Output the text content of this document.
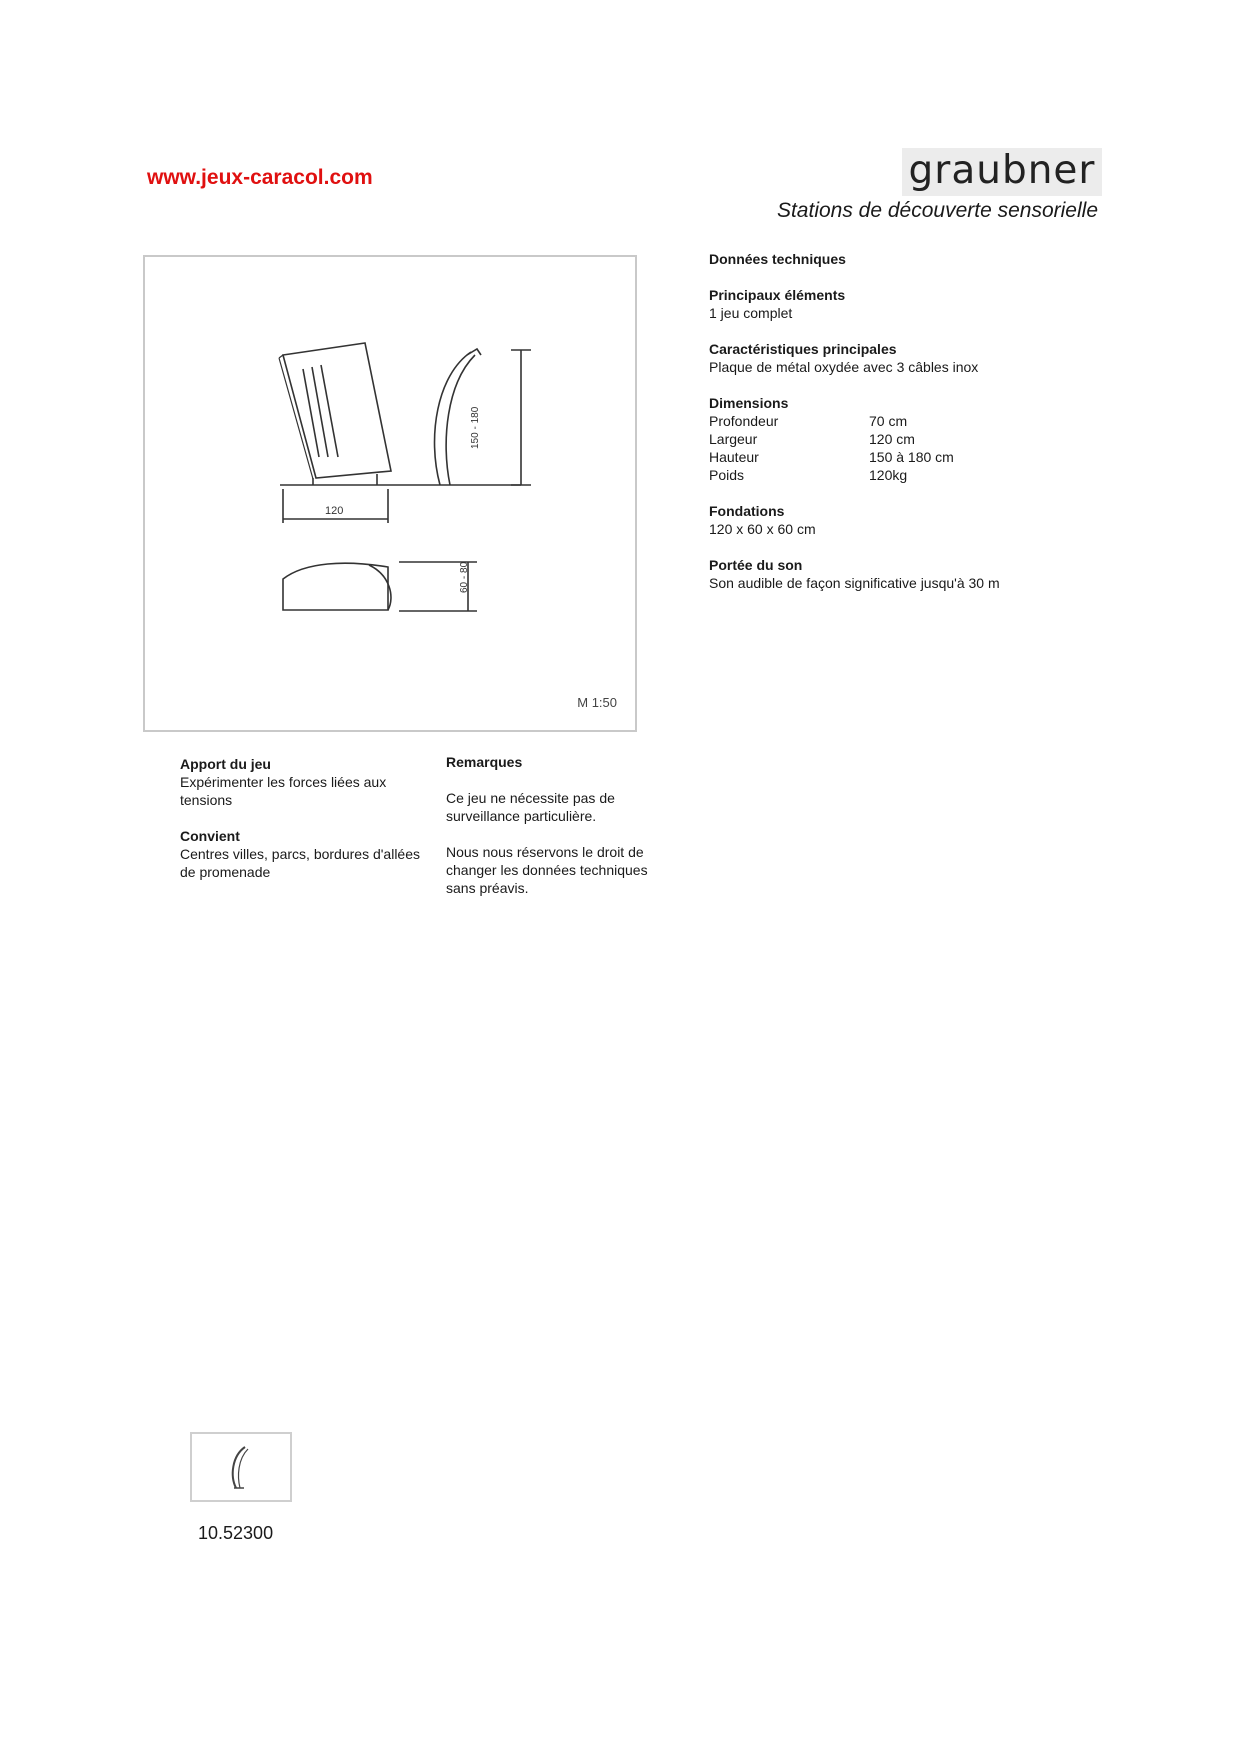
www.jeux-caracol.com	graubner
Stations de découverte sensorielle
150 - 180
120
60 - 80
M 1:50
Données techniques
Principaux éléments
1 jeu complet
Caractéristiques principales
Plaque de métal oxydée avec 3 câbles inox
Dimensions
Profondeur	70 cm
Largeur	120 cm
Hauteur	150 à 180 cm
Poids	120kg
Fondations
120 x 60 x 60 cm
Portée du son
Son audible de façon significative jusqu'à 30 m
Apport du jeu
Expérimenter les forces liées aux tensions
Convient
Centres villes, parcs, bordures d'allées de promenade
Remarques
Ce jeu ne nécessite pas de surveillance particulière.
Nous nous réservons le droit de changer les données techniques sans préavis.
10.52300
